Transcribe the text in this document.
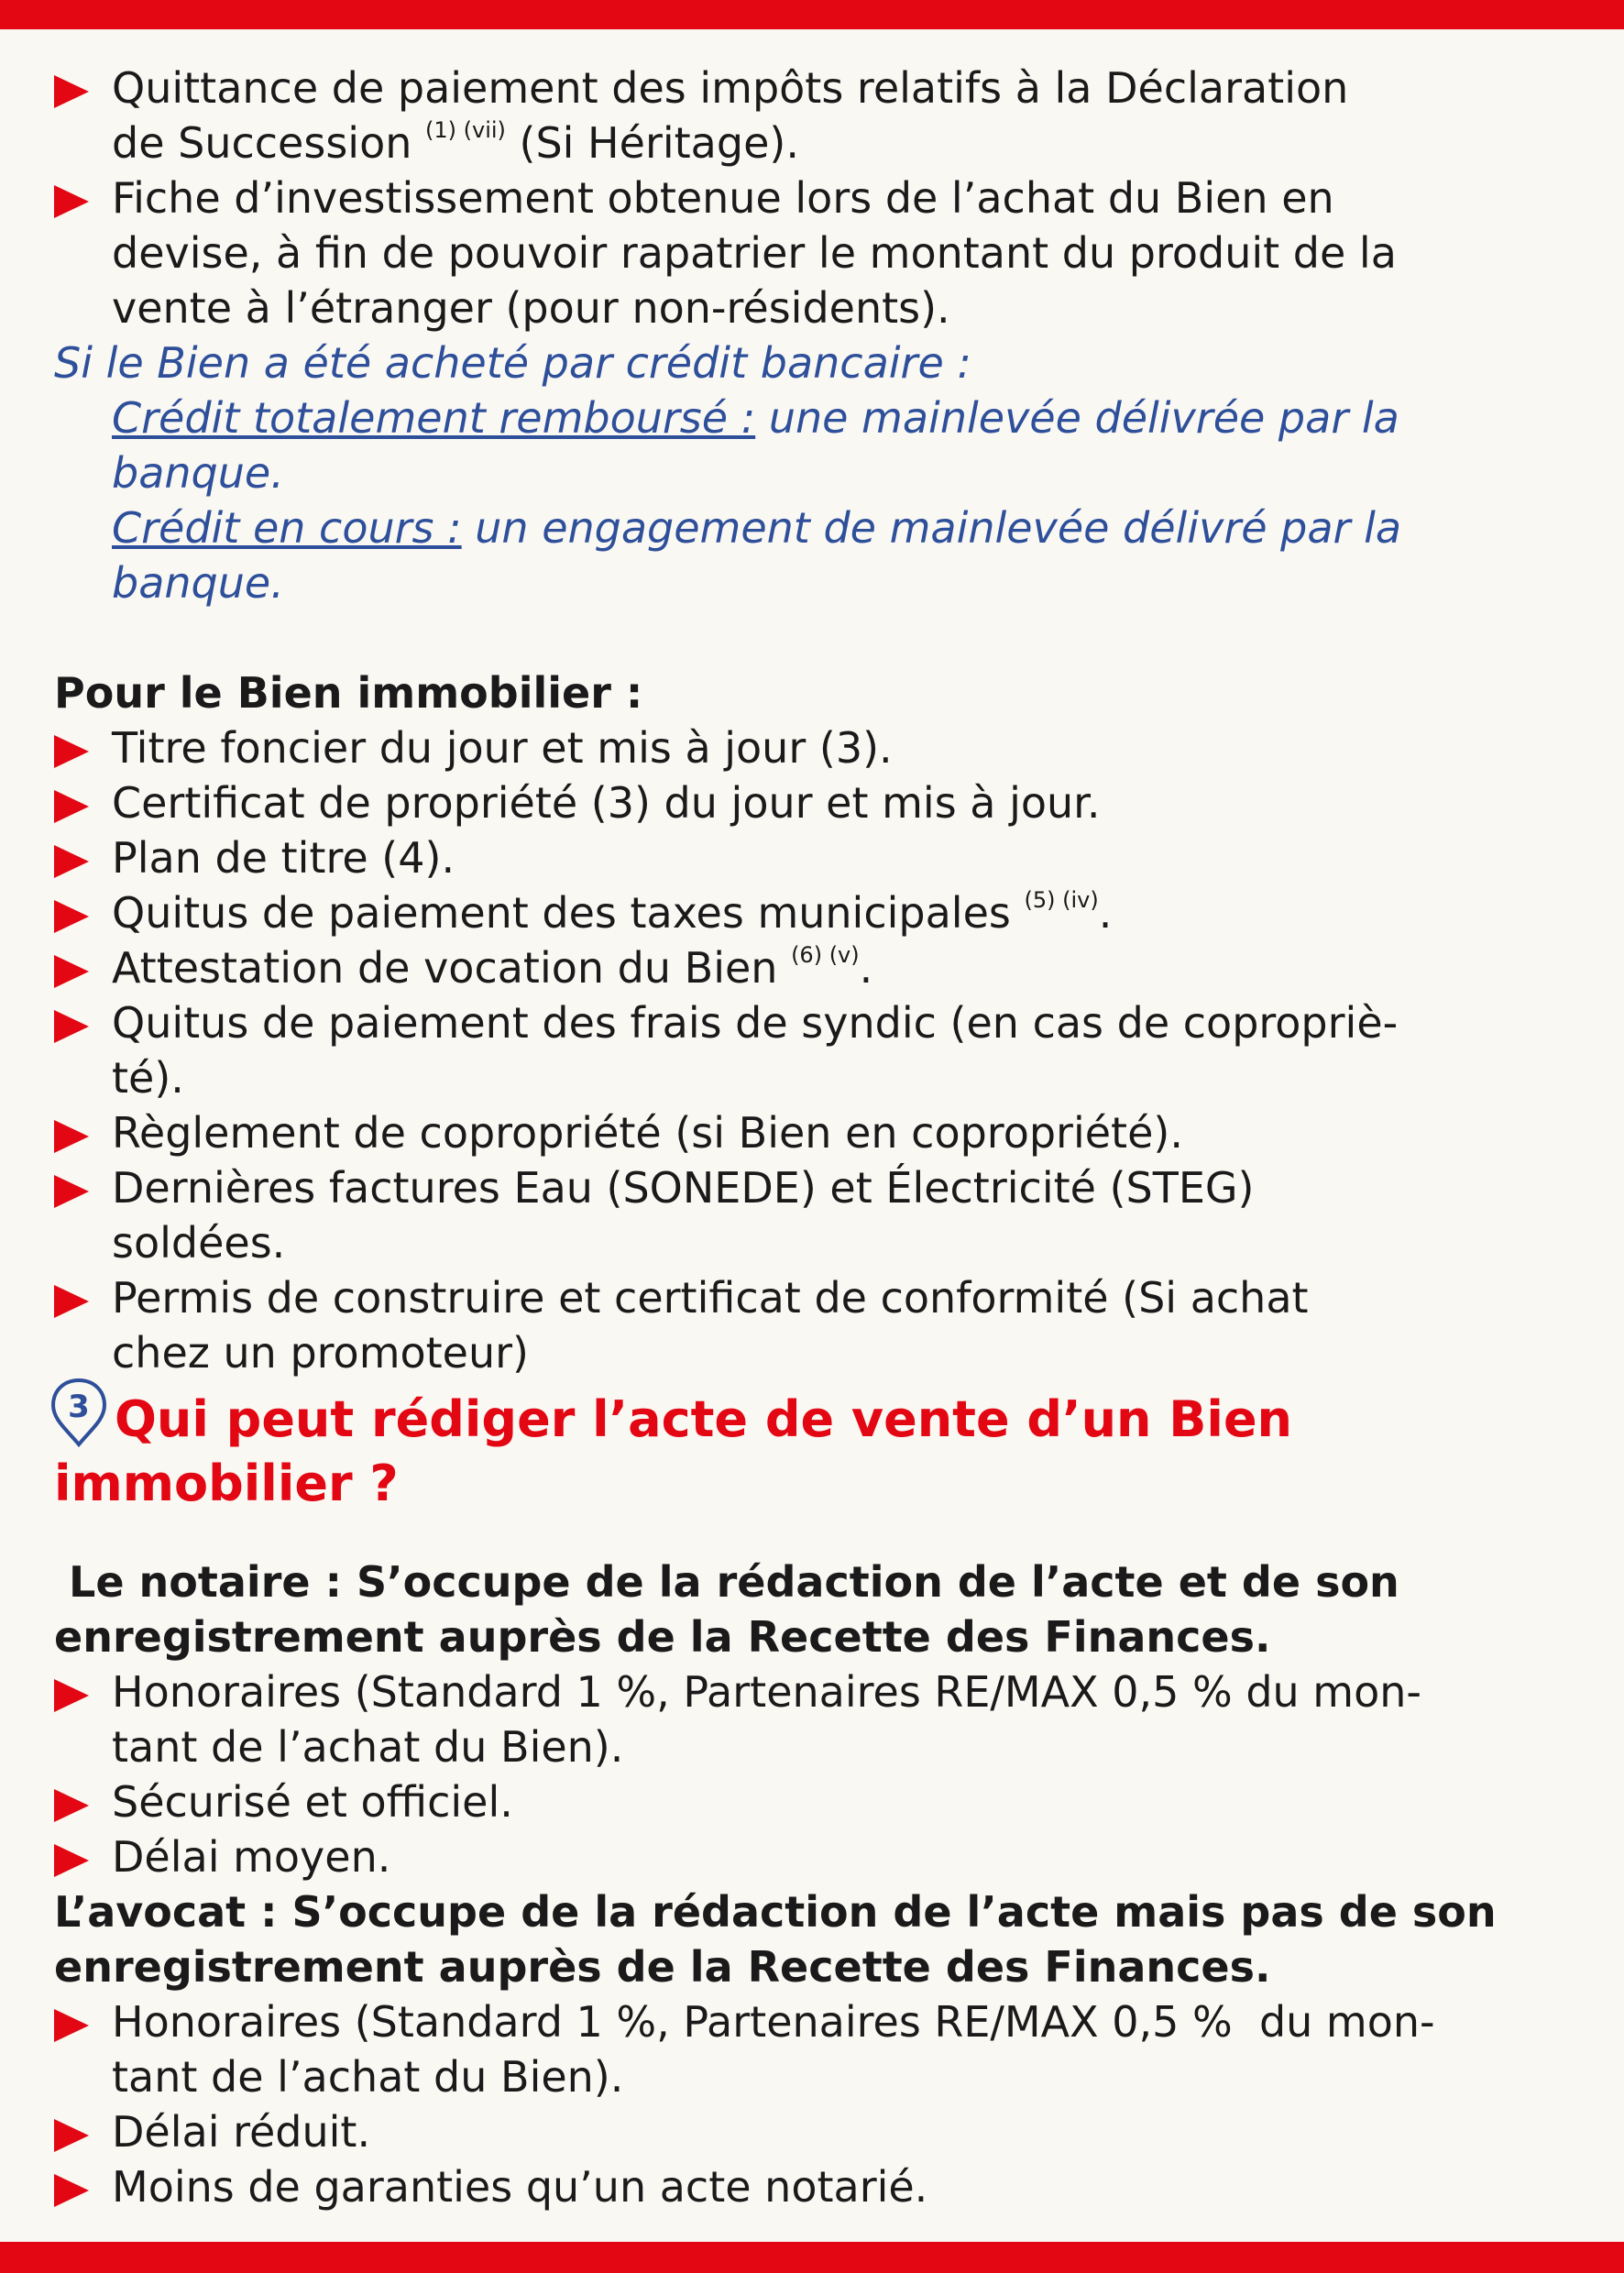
Quittance de paiement des impôts relatifs à la Déclaration
de Succession $^{(1) (vii)}$ (Si Héritage).
Fiche d’investissement obtenue lors de l’achat du Bien en
devise, à fin de pouvoir rapatrier le montant du produit de la
vente à l’étranger (pour non-résidents).
Si le Bien a été acheté par crédit bancaire :
Crédit totalement remboursé : une mainlevée délivrée par la
banque.
Crédit en cours : un engagement de mainlevée délivré par la
banque.
Pour le Bien immobilier :
Titre foncier du jour et mis à jour (3).
Certificat de propriété (3) du jour et mis à jour.
Plan de titre (4).
Quitus de paiement des taxes municipales $^{(5) (iv)}$.
Attestation de vocation du Bien $^{(6) (v)}$.
Quitus de paiement des frais de syndic (en cas de copropriè-
té).
Règlement de copropriété (si Bien en copropriété).
Dernières factures Eau (SONEDE) et Électricité (STEG)
soldées.
Permis de construire et certificat de conformité (Si achat
chez un promoteur)
3 Qui peut rédiger l’acte de vente d’un Bien
immobilier ?
Le notaire : S’occupe de la rédaction de l’acte et de son
enregistrement auprès de la Recette des Finances.
Honoraires (Standard 1 %, Partenaires RE/MAX 0,5 % du mon-
tant de l’achat du Bien).
Sécurisé et officiel.
Délai moyen.
L’avocat : S’occupe de la rédaction de l’acte mais pas de son
enregistrement auprès de la Recette des Finances.
Honoraires (Standard 1 %, Partenaires RE/MAX 0,5 %  du mon-
tant de l’achat du Bien).
Délai réduit.
Moins de garanties qu’un acte notarié.
